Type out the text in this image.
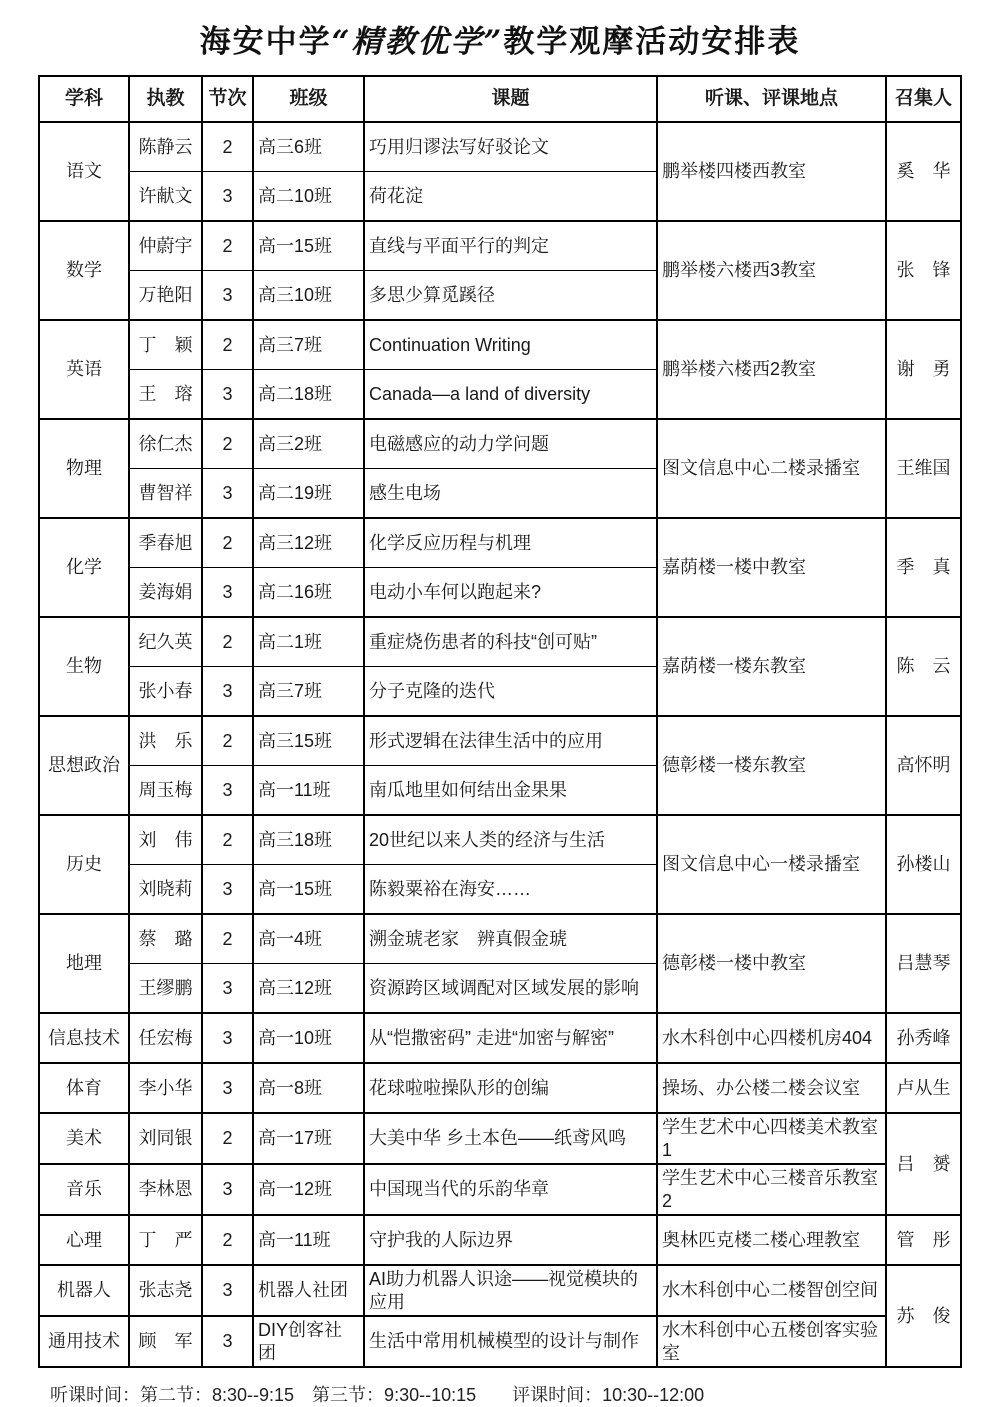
海安中学“精教优学”教学观摩活动安排表
学科	执教	节次	班级	课题	听课、评课地点	召集人
语文	陈静云	2	高三6班	巧用归谬法写好驳论文	鹏举楼四楼西教室	奚　华
	许献文	3	高二10班	荷花淀		
数学	仲蔚宇	2	高一15班	直线与平面平行的判定	鹏举楼六楼西3教室	张　锋
	万艳阳	3	高三10班	多思少算觅蹊径		
英语	丁　颖	2	高三7班	Continuation Writing	鹏举楼六楼西2教室	谢　勇
	王　瑢	3	高二18班	Canada—a land of diversity		
物理	徐仁杰	2	高三2班	电磁感应的动力学问题	图文信息中心二楼录播室	王维国
	曹智祥	3	高二19班	感生电场		
化学	季春旭	2	高三12班	化学反应历程与机理	嘉荫楼一楼中教室	季　真
	姜海娟	3	高二16班	电动小车何以跑起来?		
生物	纪久英	2	高二1班	重症烧伤患者的科技“创可贴”	嘉荫楼一楼东教室	陈　云
	张小春	3	高三7班	分子克隆的迭代		
思想政治	洪　乐	2	高三15班	形式逻辑在法律生活中的应用	德彰楼一楼东教室	高怀明
	周玉梅	3	高一11班	南瓜地里如何结出金果果		
历史	刘　伟	2	高三18班	20世纪以来人类的经济与生活	图文信息中心一楼录播室	孙楼山
	刘晓莉	3	高一15班	陈毅粟裕在海安……		
地理	蔡　璐	2	高一4班	溯金琥老家　辨真假金琥	德彰楼一楼中教室	吕慧琴
	王缪鹏	3	高三12班	资源跨区域调配对区域发展的影响		
信息技术	任宏梅	3	高一10班	从“恺撒密码” 走进“加密与解密”	水木科创中心四楼机房404	孙秀峰
体育	李小华	3	高一8班	花球啦啦操队形的创编	操场、办公楼二楼会议室	卢从生
美术	刘同银	2	高一17班	大美中华 乡土本色——纸鸢风鸣	学生艺术中心四楼美术教室1	吕　赟
音乐	李林恩	3	高一12班	中国现当代的乐韵华章	学生艺术中心三楼音乐教室2	
心理	丁　严	2	高一11班	守护我的人际边界	奥林匹克楼二楼心理教室	管　彤
机器人	张志尧	3	机器人社团	AI助力机器人识途——视觉模块的应用	水木科创中心二楼智创空间	苏　俊
通用技术	顾　军	3	DIY创客社团	生活中常用机械模型的设计与制作	水木科创中心五楼创客实验室	
听课时间：第二节：8:30--9:15　第三节：9:30--10:15　　评课时间：10:30--12:00
